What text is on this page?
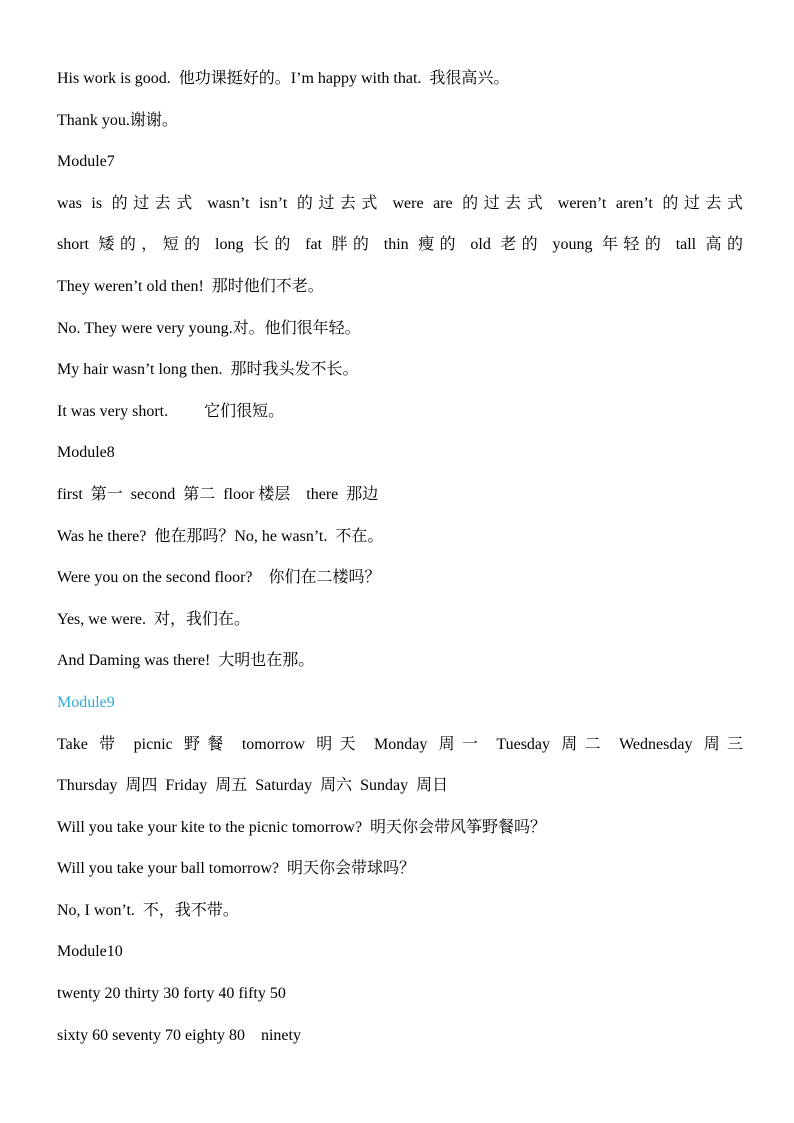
His work is good.  他功课挺好的。I’m happy with that.  我很高兴。
Thank you.谢谢。
Module7
was is 的过去式 wasn’t isn’t 的过去式 were are 的过去式 weren’t aren’t 的过去式
short 矮的，短的 long 长的 fat 胖的 thin 瘦的 old 老的 young 年轻的 tall 高的
They weren’t old then!  那时他们不老。
No. They were very young.对。他们很年轻。
My hair wasn’t long then.  那时我头发不长。
It was very short.         它们很短。
Module8
first  第一  second  第二  floor 楼层    there  那边
Was he there?  他在那吗？No, he wasn’t.  不在。
Were you on the second floor?    你们在二楼吗？
Yes, we were.  对，我们在。
And Daming was there!  大明也在那。
Module9
Take 带 picnic 野餐 tomorrow 明天 Monday 周一 Tuesday 周二 Wednesday 周三
Thursday  周四  Friday  周五  Saturday  周六  Sunday  周日
Will you take your kite to the picnic tomorrow?  明天你会带风筝野餐吗？
Will you take your ball tomorrow?  明天你会带球吗？
No, I won’t.  不，我不带。
Module10
twenty 20 thirty 30 forty 40 fifty 50
sixty 60 seventy 70 eighty 80    ninety
